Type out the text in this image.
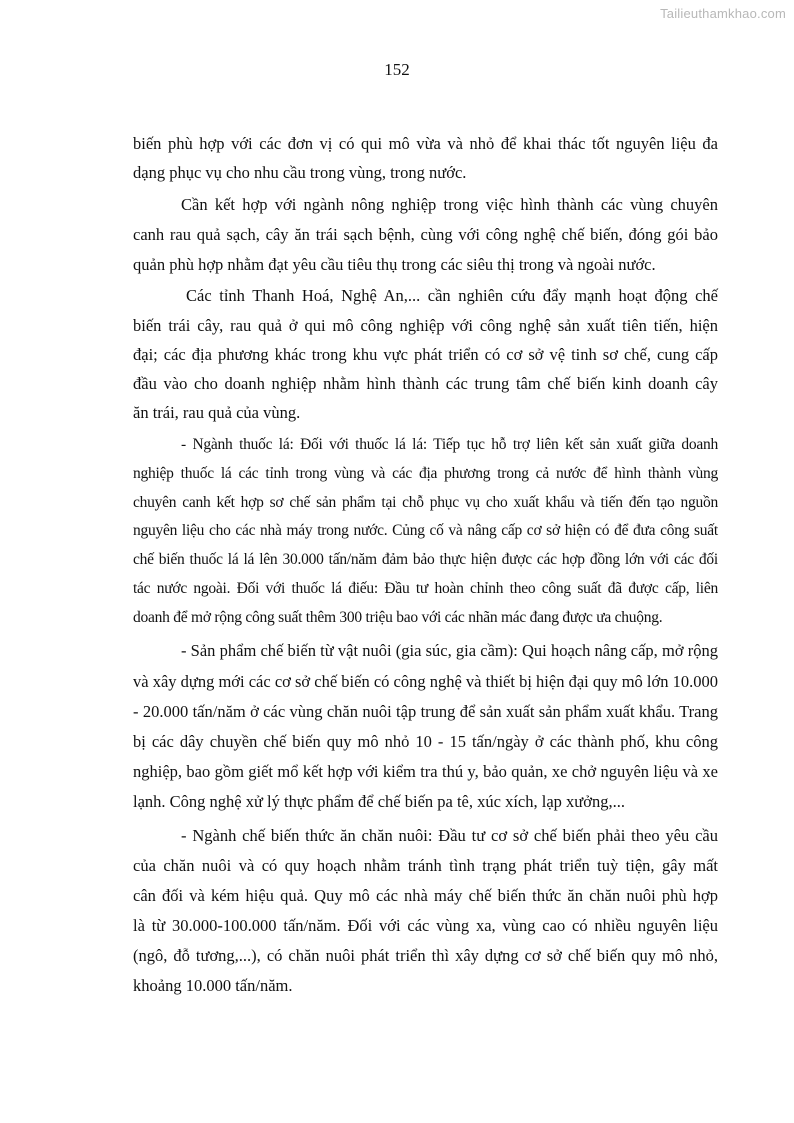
Tailieuthamkhao.com
152
biến phù hợp với các đơn vị có qui mô vừa và nhỏ để khai thác tốt nguyên liệu đa
dạng phục vụ cho nhu cầu trong vùng, trong nước.
Cần kết hợp với ngành nông nghiệp trong việc hình thành các vùng chuyên
canh rau quả sạch, cây ăn trái sạch bệnh, cùng với công nghệ chế biến, đóng gói bảo
quản phù hợp nhằm đạt yêu cầu tiêu thụ trong các siêu thị trong và ngoài nước.
Các tỉnh Thanh Hoá, Nghệ An,... cần nghiên cứu đẩy mạnh hoạt động chế
biến trái cây, rau quả ở qui mô công nghiệp với công nghệ sản xuất tiên tiến, hiện
đại; các địa phương khác trong khu vực phát triển có cơ sở vệ tinh sơ chế, cung cấp
đầu vào cho doanh nghiệp nhằm hình thành các trung tâm chế biến kinh doanh cây
ăn trái, rau quả của vùng.
- Ngành thuốc lá: Đối với thuốc lá lá: Tiếp tục hỗ trợ liên kết sản xuất giữa doanh
nghiệp thuốc lá các tỉnh trong vùng và các địa phương trong cả nước để hình thành vùng
chuyên canh kết hợp sơ chế sản phẩm tại chỗ phục vụ cho xuất khẩu và tiến đến tạo nguồn
nguyên liệu cho các nhà máy trong nước. Củng cố và nâng cấp cơ sở hiện có để đưa công suất
chế biến thuốc lá lá lên 30.000 tấn/năm đảm bảo thực hiện được các hợp đồng lớn với các đối
tác nước ngoài. Đối với thuốc lá điếu: Đầu tư hoàn chỉnh theo công suất đã được cấp, liên
doanh để mở rộng công suất thêm 300 triệu bao với các nhãn mác đang được ưa chuộng.
- Sản phẩm chế biến từ vật nuôi (gia súc, gia cầm): Qui hoạch nâng cấp, mở rộng
và xây dựng mới các cơ sở chế biến có công nghệ và thiết bị hiện đại quy mô lớn 10.000
- 20.000 tấn/năm ở các vùng chăn nuôi tập trung để sản xuất sản phẩm xuất khẩu. Trang
bị các dây chuyền chế biến quy mô nhỏ 10 - 15 tấn/ngày ở các thành phố, khu công
nghiệp, bao gồm giết mổ kết hợp với kiểm tra thú y, bảo quản, xe chở nguyên liệu và xe
lạnh. Công nghệ xử lý thực phẩm để chế biến pa tê, xúc xích, lạp xưởng,...
- Ngành chế biến thức ăn chăn nuôi: Đầu tư cơ sở chế biến phải theo yêu cầu
của chăn nuôi và có quy hoạch nhằm tránh tình trạng phát triển tuỳ tiện, gây mất
cân đối và kém hiệu quả. Quy mô các nhà máy chế biến thức ăn chăn nuôi phù hợp
là từ 30.000-100.000 tấn/năm. Đối với các vùng xa, vùng cao có nhiều nguyên liệu
(ngô, đỗ tương,...), có chăn nuôi phát triển thì xây dựng cơ sở chế biến quy mô nhỏ,
khoảng 10.000 tấn/năm.
